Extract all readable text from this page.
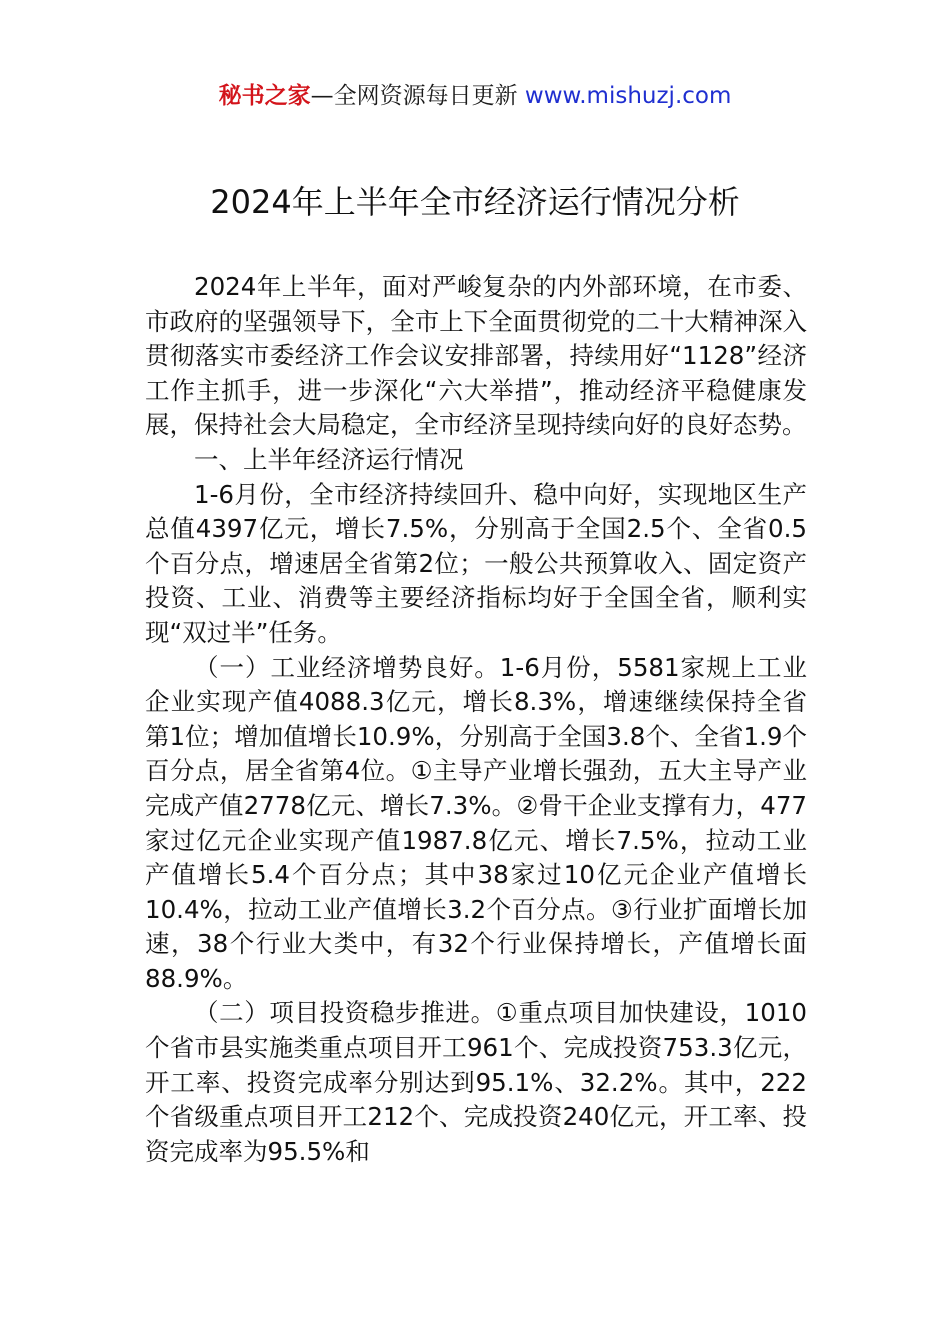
秘书之家—全网资源每日更新 www.mishuzj.com
2024年上半年全市经济运行情况分析

2024年上半年，面对严峻复杂的内外部环境，在市委、市政府的坚强领导下，全市上下全面贯彻党的二十大精神深入贯彻落实市委经济工作会议安排部署，持续用好“1128”经济工作主抓手，进一步深化“六大举措”，推动经济平稳健康发展，保持社会大局稳定，全市经济呈现持续向好的良好态势。

一、上半年经济运行情况

1-6月份，全市经济持续回升、稳中向好，实现地区生产总值4397亿元，增长7.5%，分别高于全国2.5个、全省0.5个百分点，增速居全省第2位；一般公共预算收入、固定资产投资、工业、消费等主要经济指标均好于全国全省，顺利实现“双过半”任务。

（一）工业经济增势良好。1-6月份，5581家规上工业企业实现产值4088.3亿元，增长8.3%，增速继续保持全省第1位；增加值增长10.9%，分别高于全国3.8个、全省1.9个百分点，居全省第4位。①主导产业增长强劲，五大主导产业完成产值2778亿元、增长7.3%。②骨干企业支撑有力，477家过亿元企业实现产值1987.8亿元、增长7.5%，拉动工业产值增长5.4个百分点；其中38家过10亿元企业产值增长10.4%，拉动工业产值增长3.2个百分点。③行业扩面增长加速，38个行业大类中，有32个行业保持增长，产值增长面88.9%。

（二）项目投资稳步推进。①重点项目加快建设，1010个省市县实施类重点项目开工961个、完成投资753.3亿元，开工率、投资完成率分别达到95.1%、32.2%。其中，222个省级重点项目开工212个、完成投资240亿元，开工率、投资完成率为95.5%和
